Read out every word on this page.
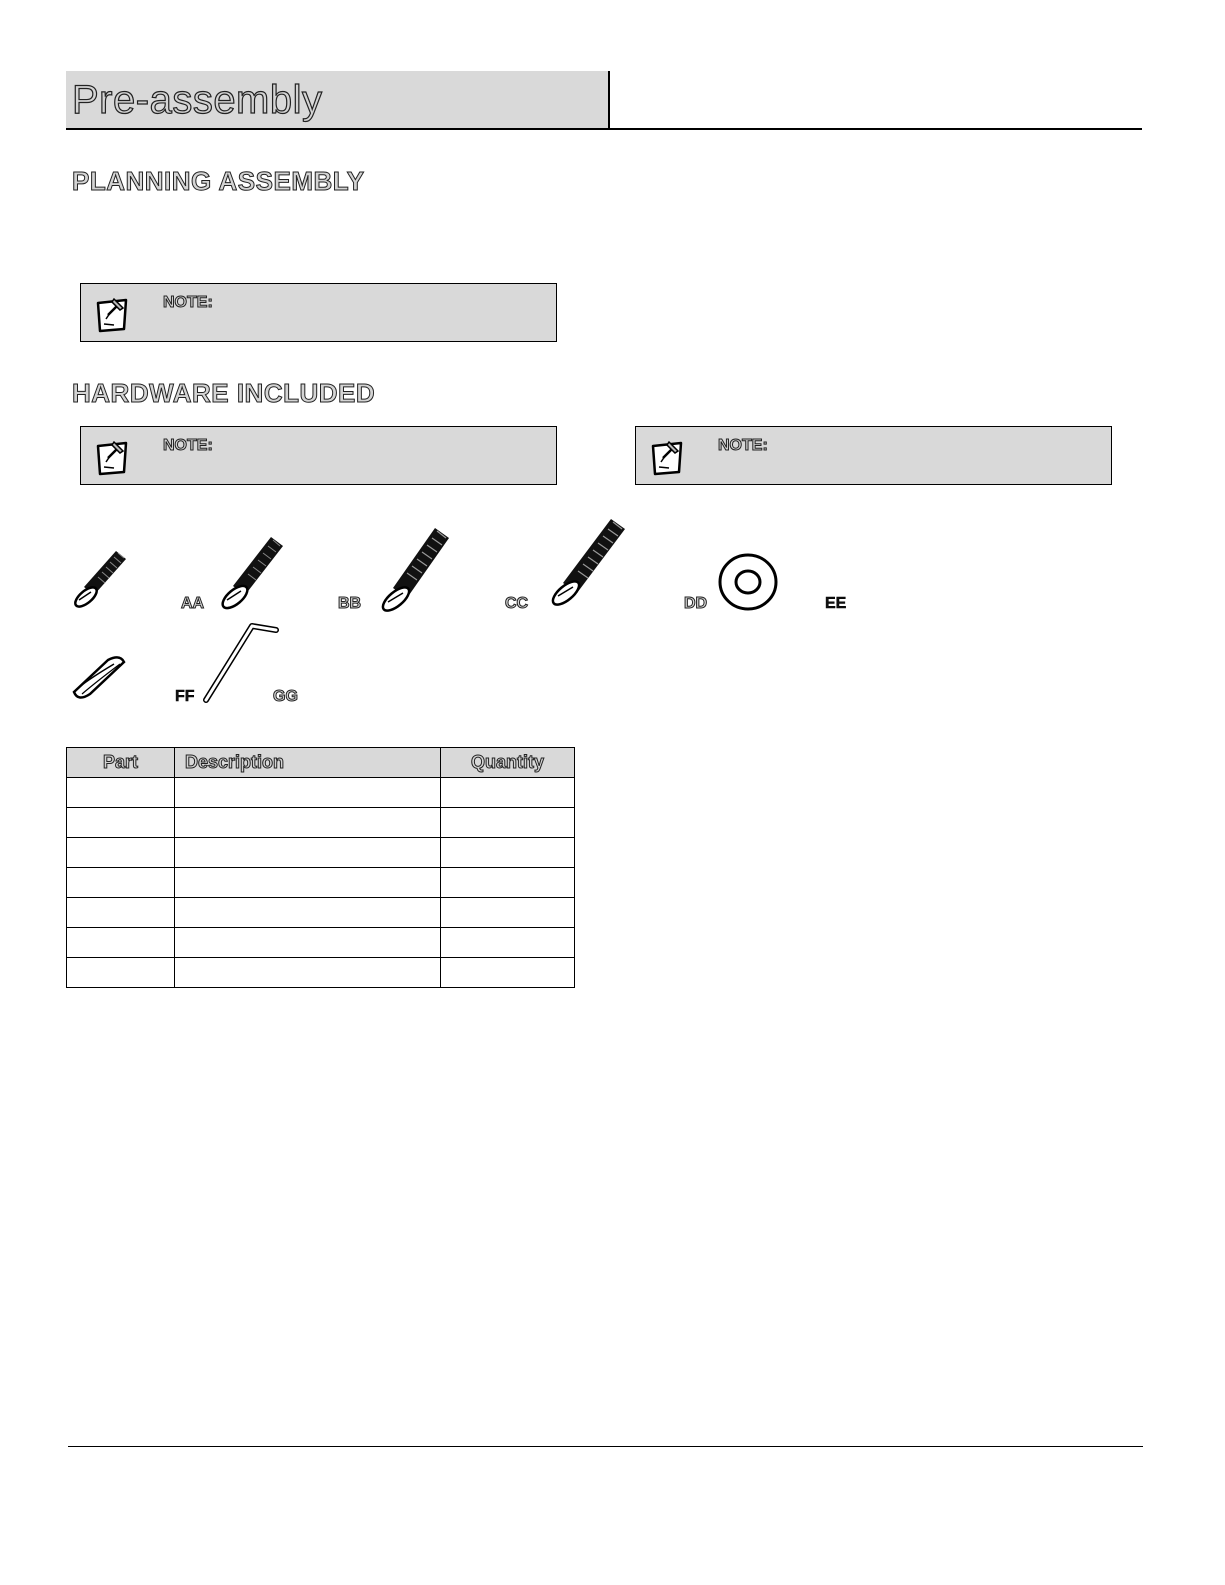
Pre-assembly
PLANNING ASSEMBLY
NOTE:
HARDWARE INCLUDED
NOTE:	NOTE:
AA	BB	CC	DD	EE
FF	GG
Part	Description	Quantity
